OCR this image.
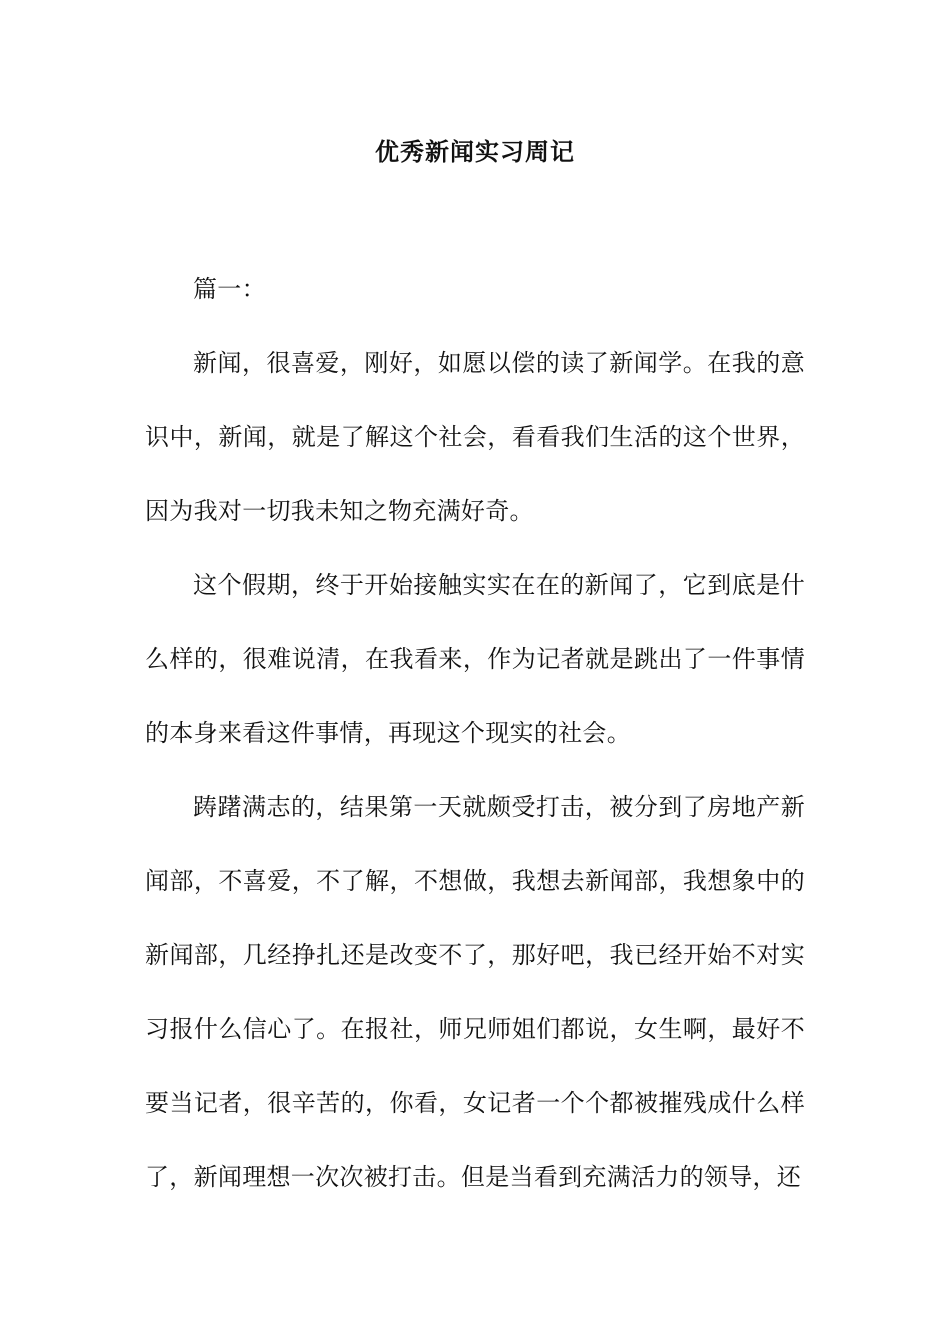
优秀新闻实习周记

篇一：

新闻，很喜爱，刚好，如愿以偿的读了新闻学。在我的意识中，新闻，就是了解这个社会，看看我们生活的这个世界，因为我对一切我未知之物充满好奇。

这个假期，终于开始接触实实在在的新闻了，它到底是什么样的，很难说清，在我看来，作为记者就是跳出了一件事情的本身来看这件事情，再现这个现实的社会。

踌躇满志的，结果第一天就颇受打击，被分到了房地产新闻部，不喜爱，不了解，不想做，我想去新闻部，我想象中的新闻部，几经挣扎还是改变不了，那好吧，我已经开始不对实习报什么信心了。在报社，师兄师姐们都说，女生啊，最好不要当记者，很辛苦的，你看，女记者一个个都被摧残成什么样了，新闻理想一次次被打击。但是当看到充满活力的领导，还
